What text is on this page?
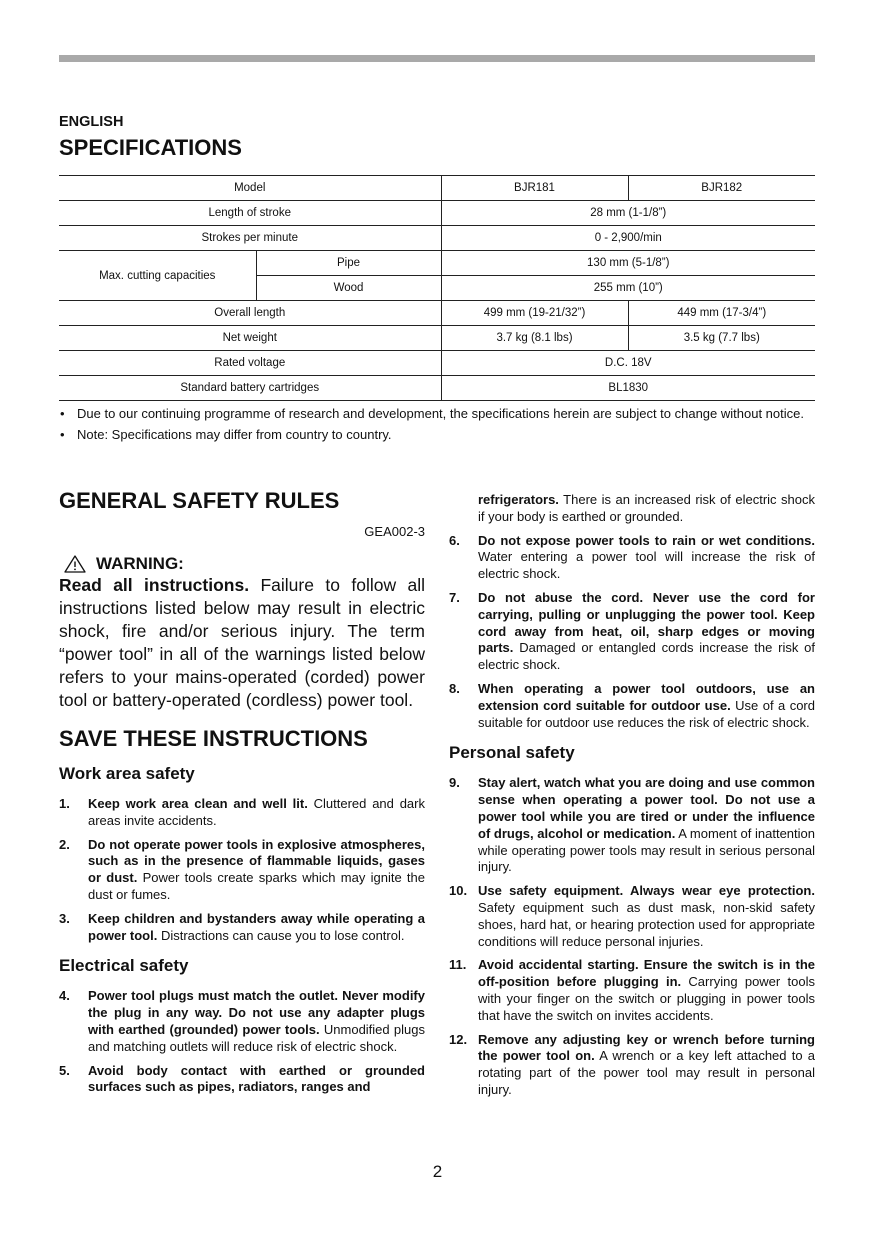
ENGLISH
SPECIFICATIONS
Model		BJR181	BJR182
Length of stroke		28 mm (1-1/8”)	
Strokes per minute		0 - 2,900/min	
Max. cutting capacities	Pipe	130 mm (5-1/8”)	
	Wood	255 mm (10”)	
Overall length		499 mm (19-21/32”)	449 mm (17-3/4”)
Net weight		3.7 kg (8.1 lbs)	3.5 kg (7.7 lbs)
Rated voltage		D.C. 18V	
Standard battery cartridges		BL1830	
• Due to our continuing programme of research and development, the specifications herein are subject to change without notice.
• Note: Specifications may differ from country to country.
GENERAL SAFETY RULES
GEA002-3
WARNING:
Read all instructions. Failure to follow all instructions listed below may result in electric shock, fire and/or serious injury. The term “power tool” in all of the warnings listed below refers to your mains-operated (corded) power tool or battery-operated (cordless) power tool.
SAVE THESE INSTRUCTIONS
Work area safety
1. Keep work area clean and well lit. Cluttered and dark areas invite accidents.
2. Do not operate power tools in explosive atmospheres, such as in the presence of flammable liquids, gases or dust. Power tools create sparks which may ignite the dust or fumes.
3. Keep children and bystanders away while operating a power tool. Distractions can cause you to lose control.
Electrical safety
4. Power tool plugs must match the outlet. Never modify the plug in any way. Do not use any adapter plugs with earthed (grounded) power tools. Unmodified plugs and matching outlets will reduce risk of electric shock.
5. Avoid body contact with earthed or grounded surfaces such as pipes, radiators, ranges and
refrigerators. There is an increased risk of electric shock if your body is earthed or grounded.
6. Do not expose power tools to rain or wet conditions. Water entering a power tool will increase the risk of electric shock.
7. Do not abuse the cord. Never use the cord for carrying, pulling or unplugging the power tool. Keep cord away from heat, oil, sharp edges or moving parts. Damaged or entangled cords increase the risk of electric shock.
8. When operating a power tool outdoors, use an extension cord suitable for outdoor use. Use of a cord suitable for outdoor use reduces the risk of electric shock.
Personal safety
9. Stay alert, watch what you are doing and use common sense when operating a power tool. Do not use a power tool while you are tired or under the influence of drugs, alcohol or medication. A moment of inattention while operating power tools may result in serious personal injury.
10. Use safety equipment. Always wear eye protection. Safety equipment such as dust mask, non-skid safety shoes, hard hat, or hearing protection used for appropriate conditions will reduce personal injuries.
11. Avoid accidental starting. Ensure the switch is in the off-position before plugging in. Carrying power tools with your finger on the switch or plugging in power tools that have the switch on invites accidents.
12. Remove any adjusting key or wrench before turning the power tool on. A wrench or a key left attached to a rotating part of the power tool may result in personal injury.
2
